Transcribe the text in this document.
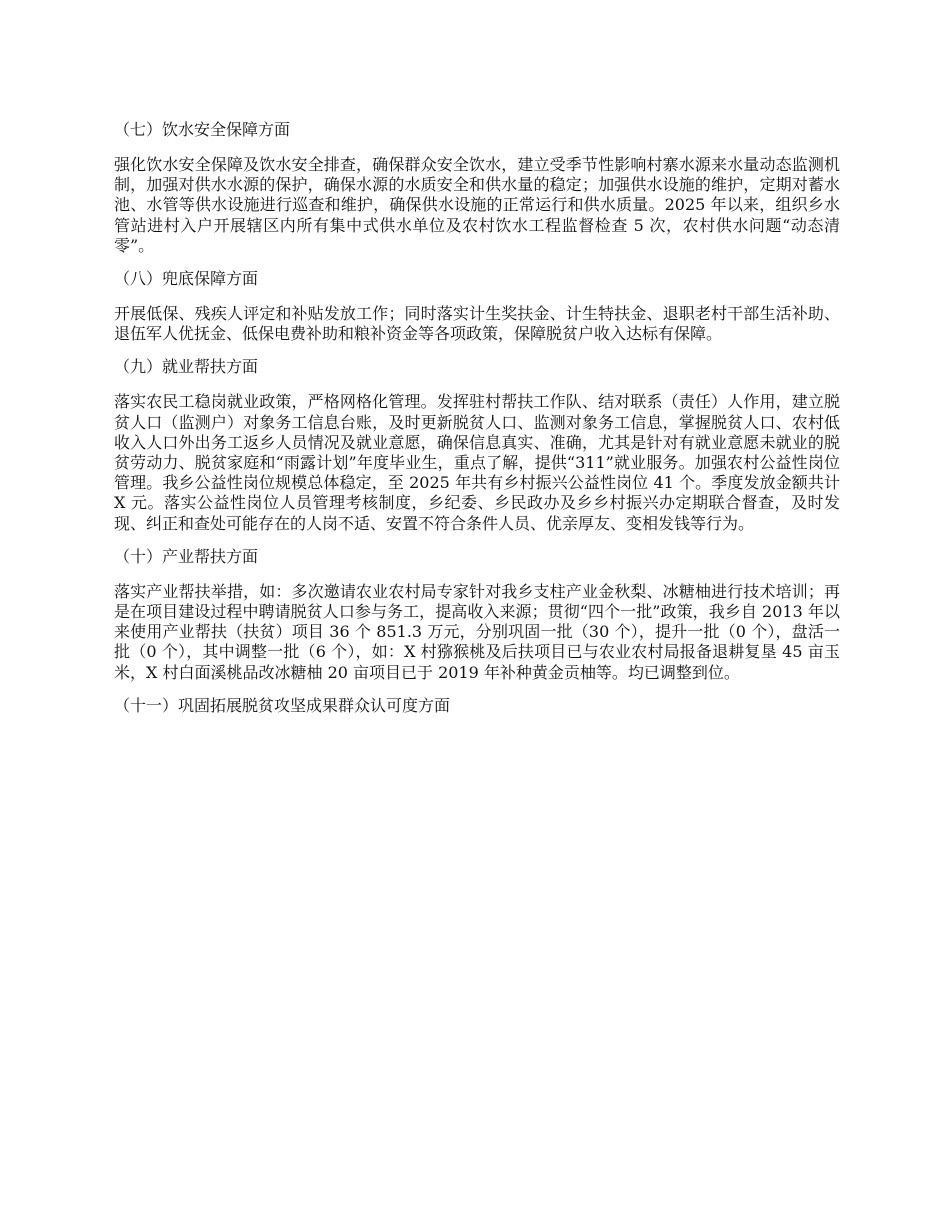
（七）饮水安全保障方面

强化饮水安全保障及饮水安全排查，确保群众安全饮水，建立受季节性影响村寨水源来水量动态监测机制，加强对供水水源的保护，确保水源的水质安全和供水量的稳定；加强供水设施的维护，定期对蓄水池、水管等供水设施进行巡查和维护，确保供水设施的正常运行和供水质量。2025 年以来，组织乡水管站进村入户开展辖区内所有集中式供水单位及农村饮水工程监督检查 5 次，农村供水问题“动态清零”。

（八）兜底保障方面

开展低保、残疾人评定和补贴发放工作；同时落实计生奖扶金、计生特扶金、退职老村干部生活补助、退伍军人优抚金、低保电费补助和粮补资金等各项政策，保障脱贫户收入达标有保障。

（九）就业帮扶方面

落实农民工稳岗就业政策，严格网格化管理。发挥驻村帮扶工作队、结对联系（责任）人作用，建立脱贫人口（监测户）对象务工信息台账，及时更新脱贫人口、监测对象务工信息，掌握脱贫人口、农村低收入人口外出务工返乡人员情况及就业意愿，确保信息真实、准确，尤其是针对有就业意愿未就业的脱贫劳动力、脱贫家庭和“雨露计划”年度毕业生，重点了解，提供“311”就业服务。加强农村公益性岗位管理。我乡公益性岗位规模总体稳定，至 2025 年共有乡村振兴公益性岗位 41 个。季度发放金额共计 X 元。落实公益性岗位人员管理考核制度，乡纪委、乡民政办及乡乡村振兴办定期联合督查，及时发现、纠正和查处可能存在的人岗不适、安置不符合条件人员、优亲厚友、变相发钱等行为。

（十）产业帮扶方面

落实产业帮扶举措，如：多次邀请农业农村局专家针对我乡支柱产业金秋梨、冰糖柚进行技术培训；再是在项目建设过程中聘请脱贫人口参与务工，提高收入来源；贯彻“四个一批”政策，我乡自 2013 年以来使用产业帮扶（扶贫）项目 36 个 851.3 万元，分别巩固一批（30 个），提升一批（0 个），盘活一批（0 个），其中调整一批（6 个），如：X 村猕猴桃及后扶项目已与农业农村局报备退耕复垦 45 亩玉米，X 村白面溪桃品改冰糖柚 20 亩项目已于 2019 年补种黄金贡柚等。均已调整到位。

（十一）巩固拓展脱贫攻坚成果群众认可度方面
